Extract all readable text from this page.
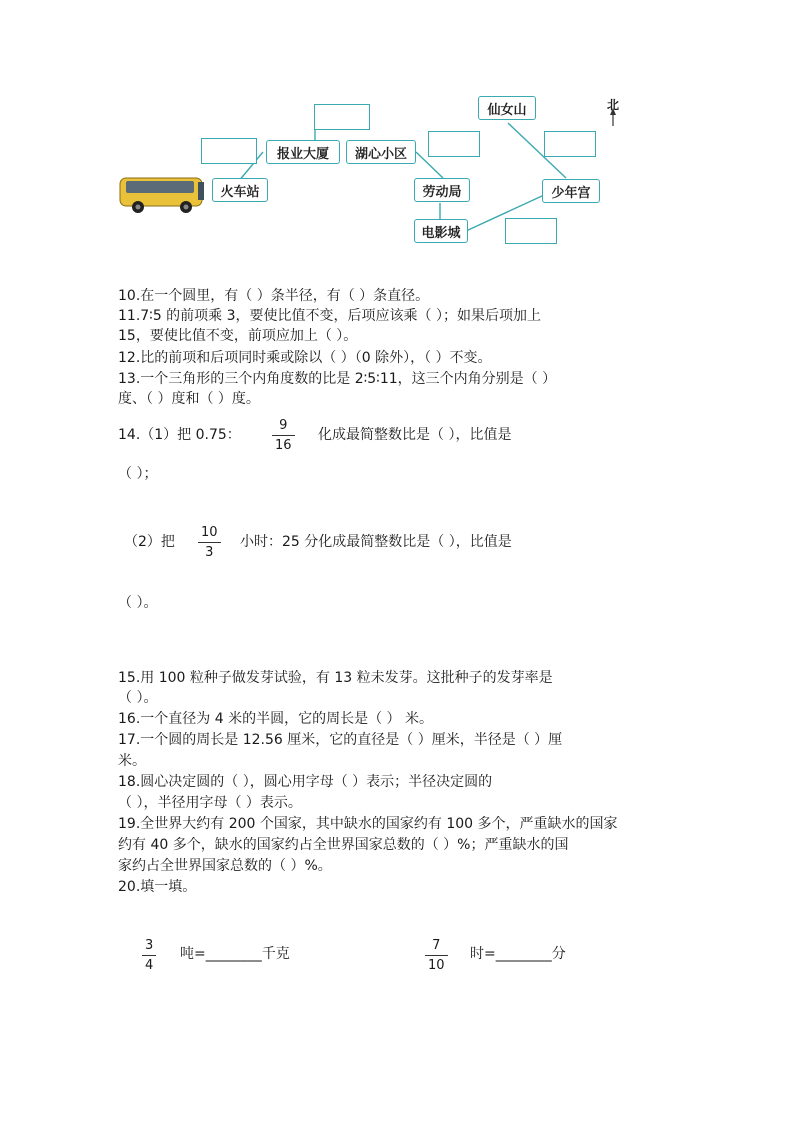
报业大厦	湖心小区
火车站	劳动局
电影城
仙女山
少年宫
北
10.在一个圆里，有（ ）条半径，有（ ）条直径。
11.7∶5 的前项乘 3，要使比值不变，后项应该乘（ ）；如果后项加上
15，要使比值不变，前项应加上（ ）。
12.比的前项和后项同时乘或除以（ ）（0 除外），（ ）不变。
13.一个三角形的三个内角度数的比是 2∶5∶11，这三个内角分别是（ ）
度、（ ）度和（ ）度。
14.（1）把 0.75：
9
16
化成最简整数比是（ ），比值是
（ ）；
（2）把
10
3
小时：25 分化成最简整数比是（ ），比值是
（ ）。
15.用 100 粒种子做发芽试验，有 13 粒未发芽。这批种子的发芽率是
（ ）。
16.一个直径为 4 米的半圆，它的周长是（ ） 米。
17.一个圆的周长是 12.56 厘米，它的直径是（ ）厘米，半径是（ ）厘
米。
18.圆心决定圆的（ ），圆心用字母（ ）表示；半径决定圆的
（ ），半径用字母（ ）表示。
19.全世界大约有 200 个国家，其中缺水的国家约有 100 多个，严重缺水的国家
约有 40 多个，缺水的国家约占全世界国家总数的（ ）%；严重缺水的国
家约占全世界国家总数的（ ）%。
20.填一填。
3
4
吨=________千克
7
10
时=________分
